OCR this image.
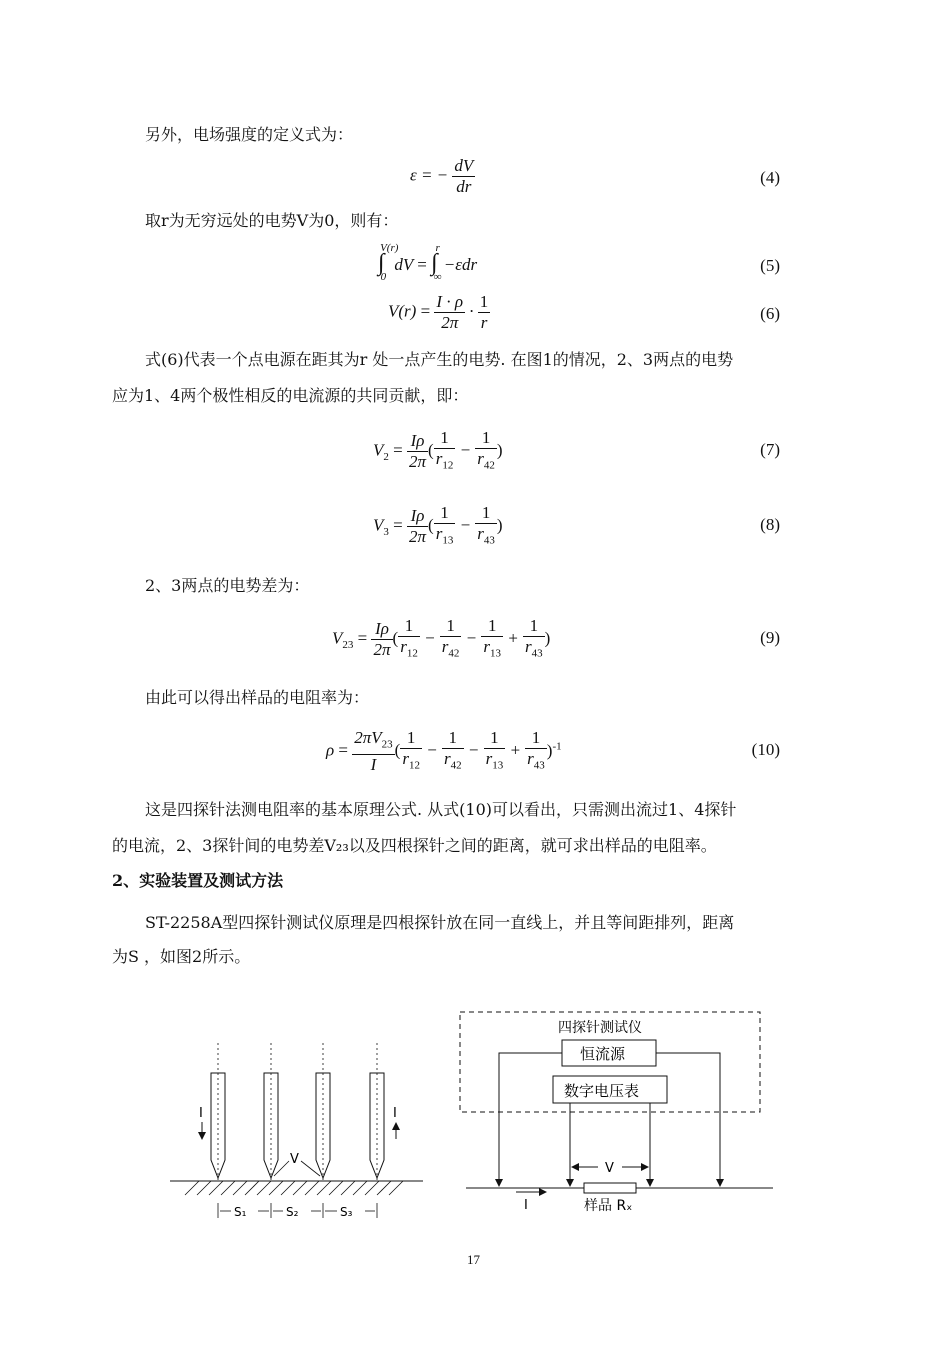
另外，电场强度的定义式为：
ε = − $\frac{dV}{dr}$	(4)
取r为无穷远处的电势V为0，则有：
$\int_0^{V(r)}dV = \int_\infty^r-\varepsilon dr$	(5)
$V(r) = \frac{I \cdot \rho}{2\pi} \cdot \frac{1}{r}$	(6)
式(6)代表一个点电源在距其为r 处一点产生的电势. 在图1的情况，2、3两点的电势
应为1、4两个极性相反的电流源的共同贡献，即：
$V_2 = \frac{I\rho}{2\pi}$ ( $\frac{1}{r_{12}} - \frac{1}{r_{42}}$ )	(7)
$V_3 = \frac{I\rho}{2\pi}$ ( $\frac{1}{r_{13}} - \frac{1}{r_{43}}$ )	(8)
2、3两点的电势差为：
$V_{23} = \frac{I\rho}{2\pi}$ ( $\frac{1}{r_{12}} - \frac{1}{r_{42}} - \frac{1}{r_{13}} + \frac{1}{r_{43}}$ )	(9)
由此可以得出样品的电阻率为：
$\rho = \frac{2\pi V_{23}}{I}$ ( $\frac{1}{r_{12}} - \frac{1}{r_{42}} - \frac{1}{r_{13}} + \frac{1}{r_{43}} )^{-1}$	(10)
这是四探针法测电阻率的基本原理公式. 从式(10)可以看出，只需测出流过1、4探针
的电流，2、3探针间的电势差V₂₃以及四根探针之间的距离，就可求出样品的电阻率。
2、实验装置及测试方法
ST-2258A型四探针测试仪原理是四根探针放在同一直线上，并且等间距排列，距离
为S ，如图2所示。
I	I
V
S₁	S₂	S₃
四探针测试仪
恒流源
数字电压表
V
I	样品 Rₓ
17
